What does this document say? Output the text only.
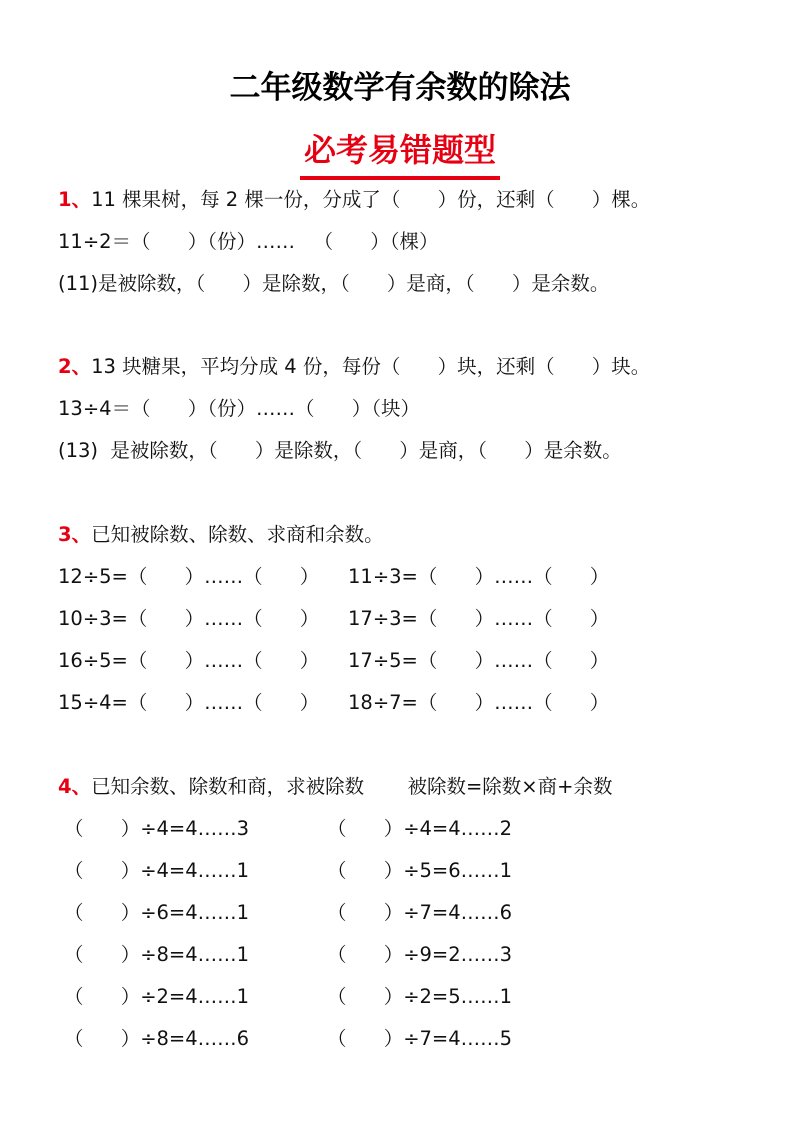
二年级数学有余数的除法
必考易错题型
1、11 棵果树，每 2 棵一份，分成了（      ）份，还剩（      ）棵。
11÷2＝（      ）（份）……   （      ）（棵）
(11)是被除数，（      ）是除数，（      ）是商，（      ）是余数。
2、13 块糖果，平均分成 4 份，每份（      ）块，还剩（      ）块。
13÷4＝（      ）（份）……（      ）（块）
(13)  是被除数，（      ）是除数，（      ）是商，（      ）是余数。
3、已知被除数、除数、求商和余数。
12÷5=（      ）……（      ）
10÷3=（      ）……（      ）
16÷5=（      ）……（      ）
15÷4=（      ）……（      ）
11÷3=（      ）……（      ）
17÷3=（      ）……（      ）
17÷5=（      ）……（      ）
18÷7=（      ）……（      ）
4、已知余数、除数和商，求被除数       被除数=除数×商+余数
（      ）÷4=4……3
（      ）÷4=4……1
（      ）÷6=4……1
（      ）÷8=4……1
（      ）÷2=4……1
（      ）÷8=4……6
（      ）÷4=4……2
（      ）÷5=6……1
（      ）÷7=4……6
（      ）÷9=2……3
（      ）÷2=5……1
（      ）÷7=4……5
